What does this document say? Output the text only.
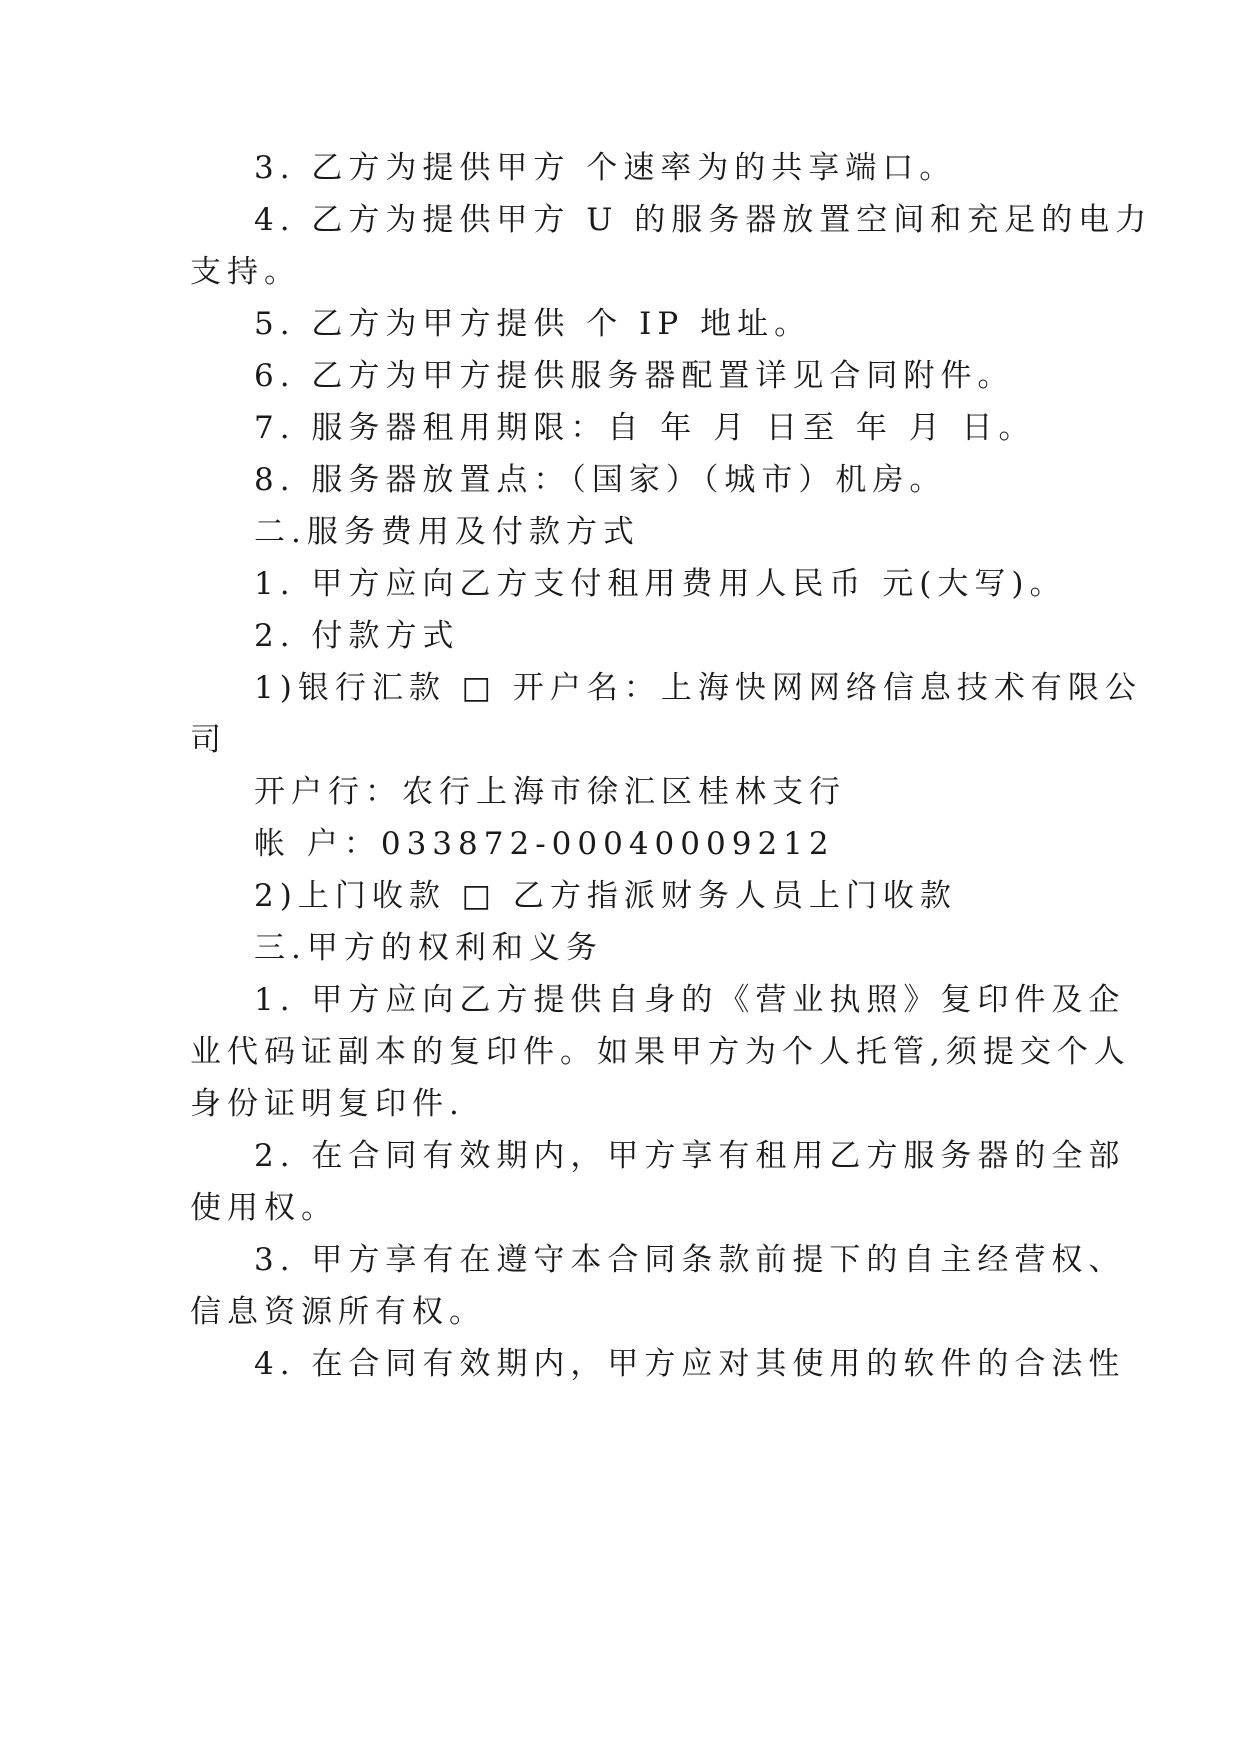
3. 乙方为提供甲方 个速率为的共享端口。
4. 乙方为提供甲方 U 的服务器放置空间和充足的电力
支持。
5. 乙方为甲方提供 个 IP 地址。
6. 乙方为甲方提供服务器配置详见合同附件。
7. 服务器租用期限：自 年 月 日至 年 月 日。
8. 服务器放置点：（国家）（城市）机房。
二.服务费用及付款方式
1. 甲方应向乙方支付租用费用人民币 元(大写)。
2. 付款方式
1)银行汇款 □ 开户名：上海快网网络信息技术有限公
司
开户行：农行上海市徐汇区桂林支行
帐 户：033872-00040009212
2)上门收款 □ 乙方指派财务人员上门收款
三.甲方的权利和义务
1. 甲方应向乙方提供自身的《营业执照》复印件及企
业代码证副本的复印件。如果甲方为个人托管,须提交个人
身份证明复印件.
2. 在合同有效期内，甲方享有租用乙方服务器的全部
使用权。
3. 甲方享有在遵守本合同条款前提下的自主经营权、
信息资源所有权。
4. 在合同有效期内，甲方应对其使用的软件的合法性
